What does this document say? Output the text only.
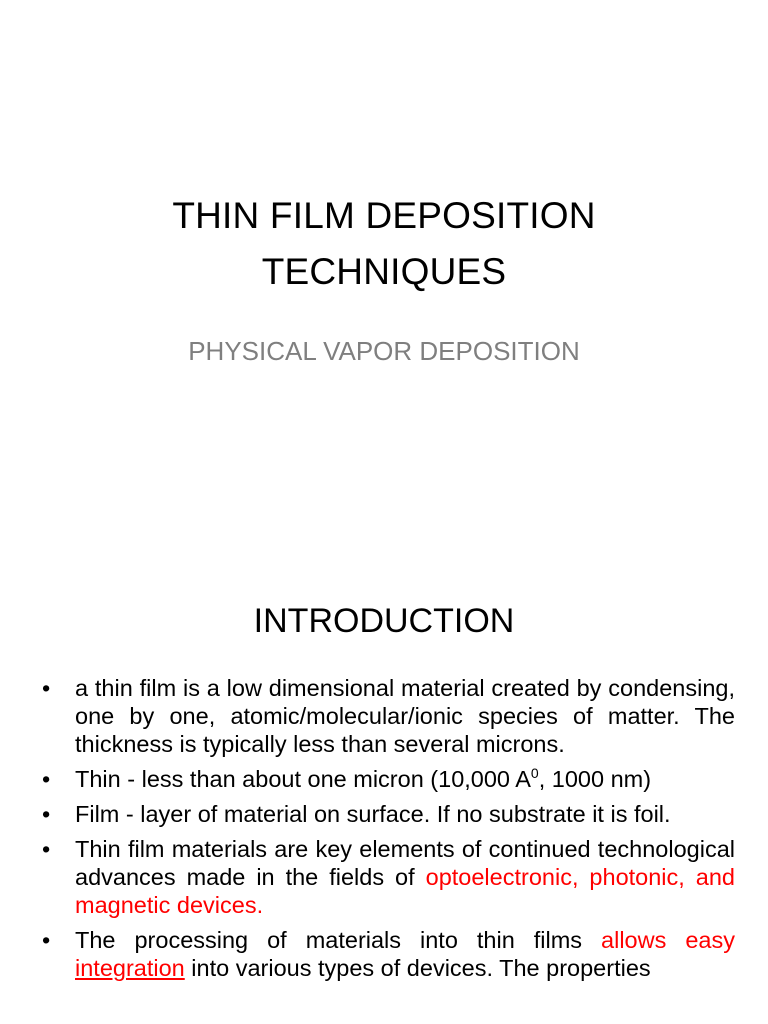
THIN FILM DEPOSITION
TECHNIQUES
PHYSICAL VAPOR DEPOSITION
INTRODUCTION
• a thin film is a low dimensional material created by condensing, one by one, atomic/molecular/ionic species of matter. The thickness is typically less than several microns.
• Thin - less than about one micron (10,000 $A^0$, 1000 nm)
• Film - layer of material on surface. If no substrate it is foil.
• Thin film materials are key elements of continued technological advances made in the fields of optoelectronic, photonic, and magnetic devices.
• The processing of materials into thin films allows easy integration into various types of devices. The properties
